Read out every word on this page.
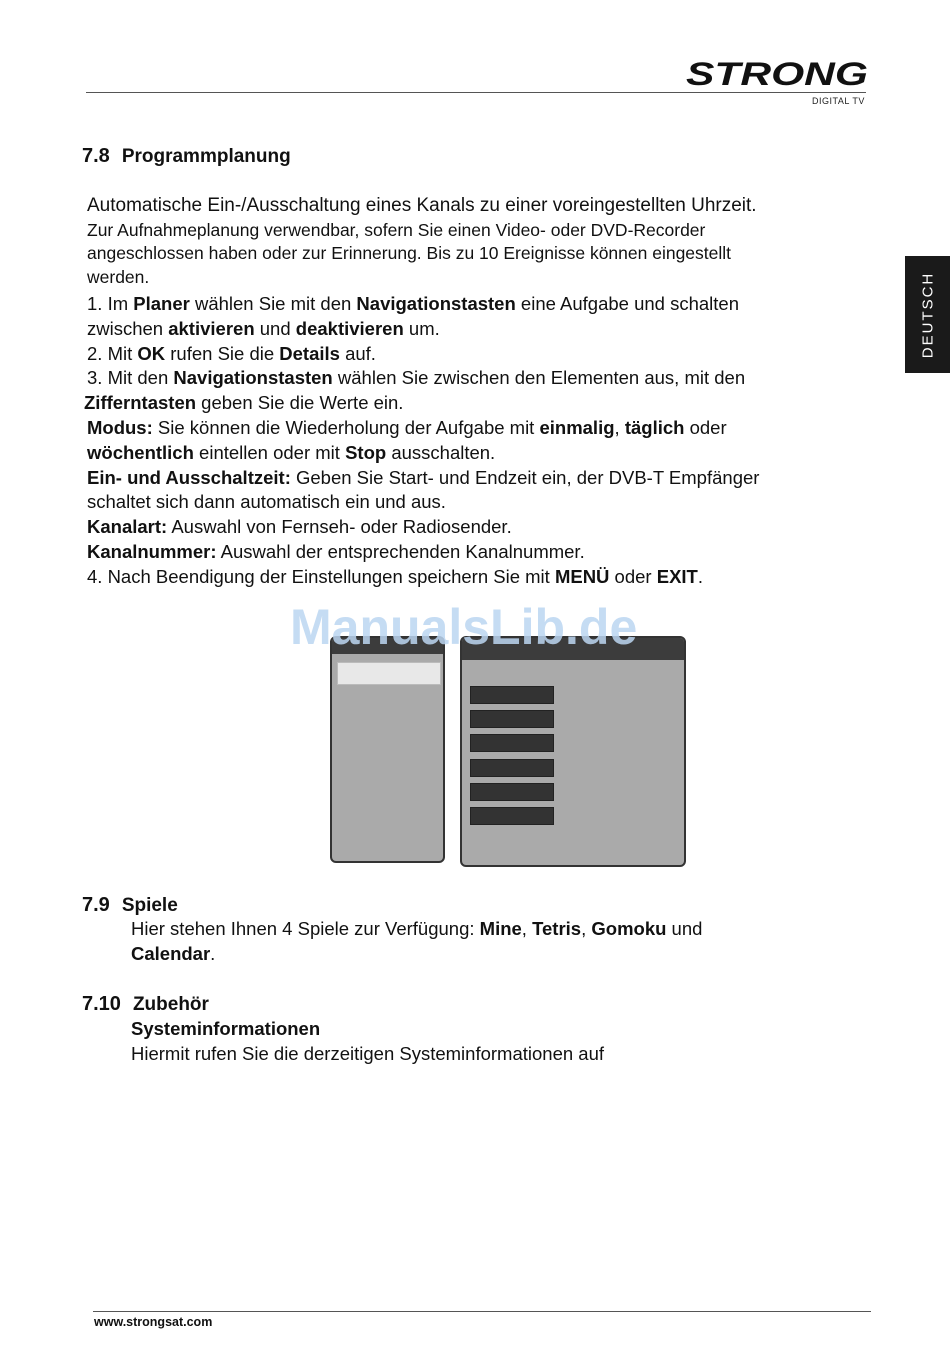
STRONG
DIGITAL TV
DEUTSCH
7.8 Programmplanung
Automatische Ein-/Ausschaltung eines Kanals zu einer voreingestellten Uhrzeit.
Zur Aufnahmeplanung verwendbar, sofern Sie einen Video- oder DVD-Recorder
angeschlossen haben oder zur Erinnerung. Bis zu 10 Ereignisse können eingestellt
werden.
1. Im Planer wählen Sie mit den Navigationstasten eine Aufgabe und schalten
zwischen aktivieren und deaktivieren um.
2. Mit OK rufen Sie die Details auf.
3. Mit den Navigationstasten wählen Sie zwischen den Elementen aus, mit den
Zifferntasten geben Sie die Werte ein.
Modus: Sie können die Wiederholung der Aufgabe mit einmalig, täglich oder
wöchentlich eintellen oder mit Stop ausschalten.
Ein- und Ausschaltzeit: Geben Sie Start- und Endzeit ein, der DVB-T Empfänger
schaltet sich dann automatisch ein und aus.
Kanalart: Auswahl von Fernseh- oder Radiosender.
Kanalnummer: Auswahl der entsprechenden Kanalnummer.
4. Nach Beendigung der Einstellungen speichern Sie mit MENÜ oder EXIT.
ManualsLib.de
7.9 Spiele
Hier stehen Ihnen 4 Spiele zur Verfügung: Mine, Tetris, Gomoku und
Calendar.
7.10 Zubehör
Systeminformationen
Hiermit rufen Sie die derzeitigen Systeminformationen auf
www.strongsat.com
